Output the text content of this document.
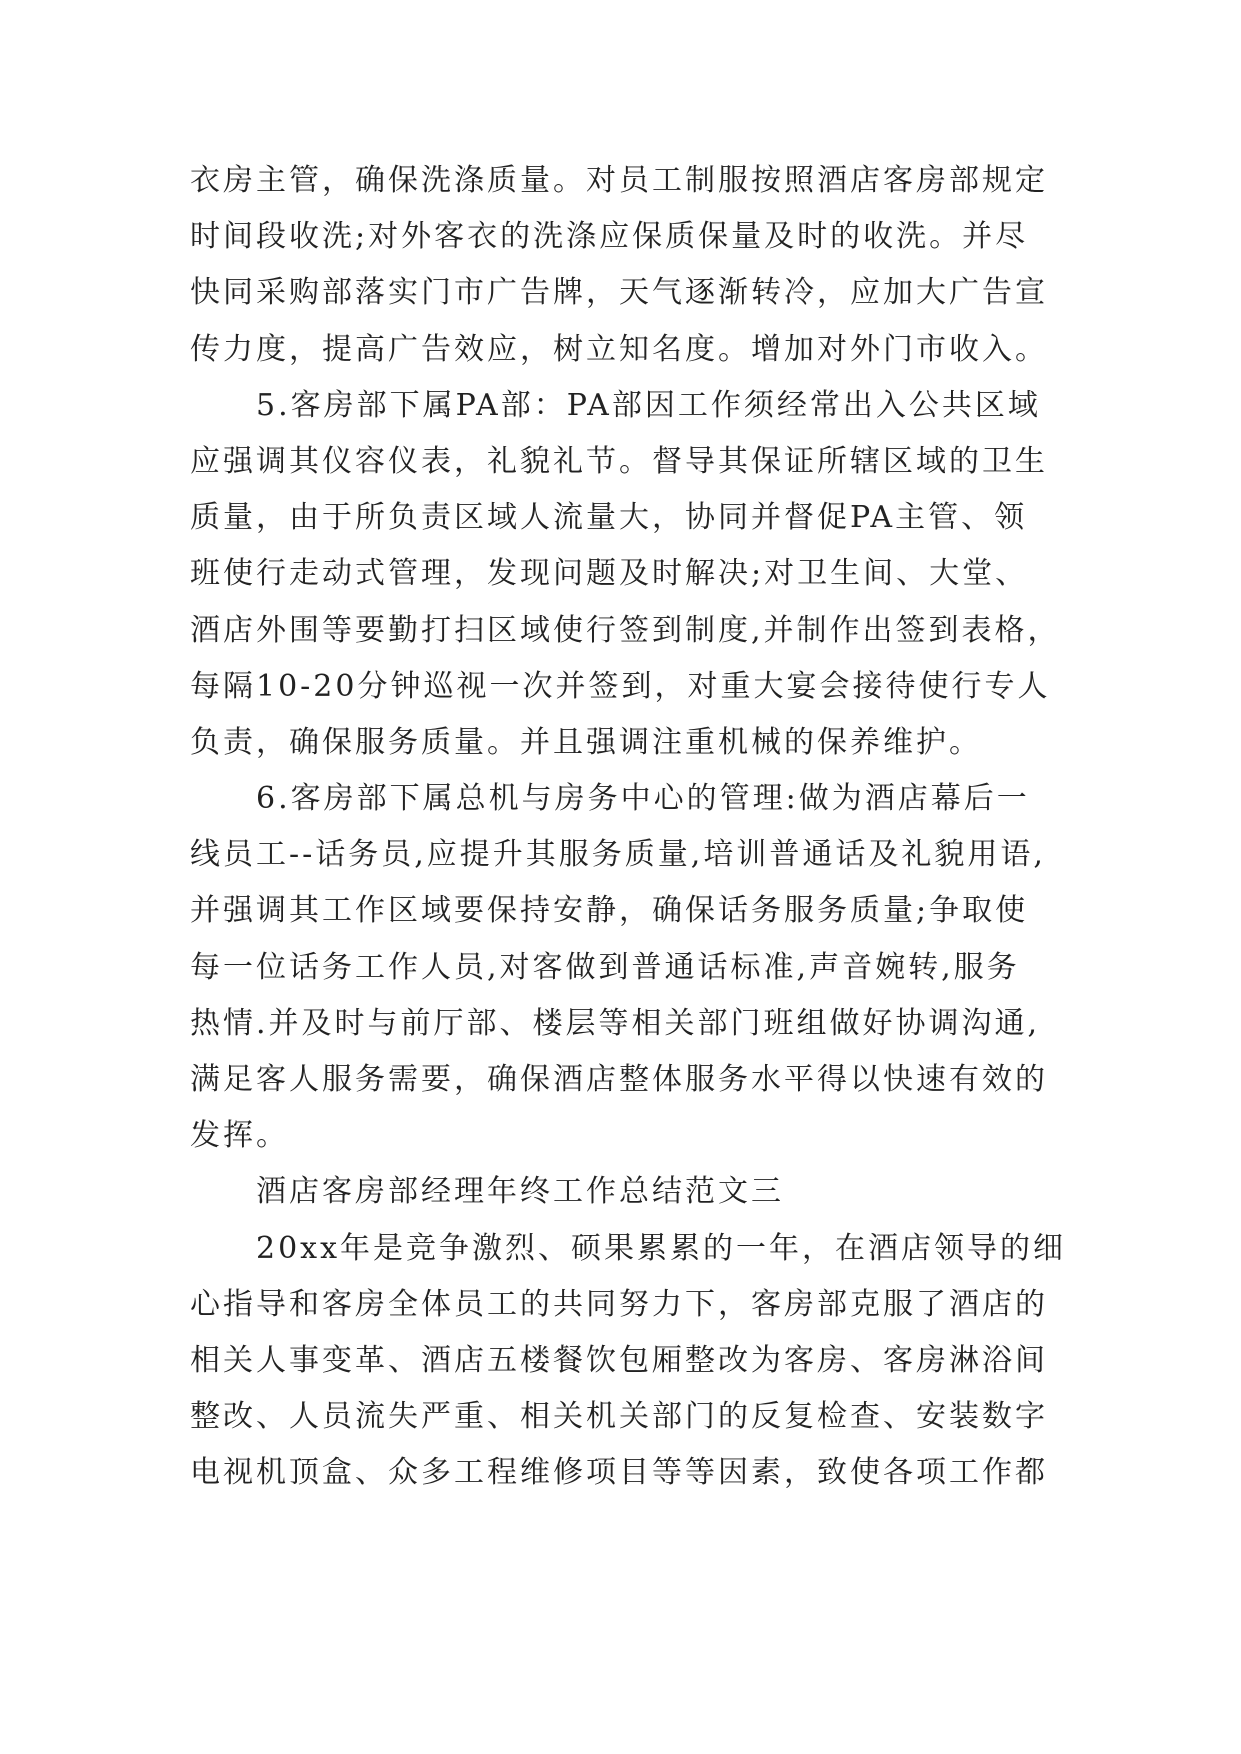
衣房主管，确保洗涤质量。对员工制服按照酒店客房部规定
时间段收洗;对外客衣的洗涤应保质保量及时的收洗。并尽
快同采购部落实门市广告牌，天气逐渐转冷，应加大广告宣
传力度，提高广告效应，树立知名度。增加对外门市收入。
5.客房部下属PA部：PA部因工作须经常出入公共区域
应强调其仪容仪表，礼貌礼节。督导其保证所辖区域的卫生
质量，由于所负责区域人流量大，协同并督促PA主管、领
班使行走动式管理，发现问题及时解决;对卫生间、大堂、
酒店外围等要勤打扫区域使行签到制度,并制作出签到表格，
每隔10-20分钟巡视一次并签到，对重大宴会接待使行专人
负责，确保服务质量。并且强调注重机械的保养维护。
6.客房部下属总机与房务中心的管理:做为酒店幕后一
线员工--话务员,应提升其服务质量,培训普通话及礼貌用语,
并强调其工作区域要保持安静，确保话务服务质量;争取使
每一位话务工作人员,对客做到普通话标准,声音婉转,服务
热情.并及时与前厅部、楼层等相关部门班组做好协调沟通,
满足客人服务需要，确保酒店整体服务水平得以快速有效的
发挥。
酒店客房部经理年终工作总结范文三
20xx年是竞争激烈、硕果累累的一年，在酒店领导的细
心指导和客房全体员工的共同努力下，客房部克服了酒店的
相关人事变革、酒店五楼餐饮包厢整改为客房、客房淋浴间
整改、人员流失严重、相关机关部门的反复检查、安装数字
电视机顶盒、众多工程维修项目等等因素，致使各项工作都
